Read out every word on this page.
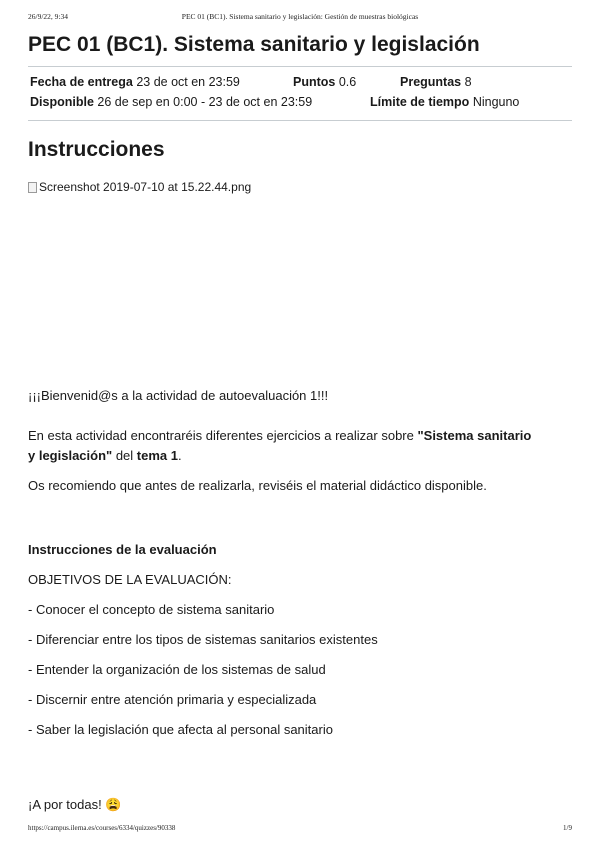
26/9/22, 9:34	PEC 01 (BC1). Sistema sanitario y legislación: Gestión de muestras biológicas
PEC 01 (BC1). Sistema sanitario y legislación
Fecha de entrega 23 de oct en 23:59	Puntos 0.6	Preguntas 8
Disponible 26 de sep en 0:00 - 23 de oct en 23:59	Límite de tiempo Ninguno
Instrucciones
Screenshot 2019-07-10 at 15.22.44.png

¡¡¡Bienvenid@s a la actividad de autoevaluación 1!!!

En esta actividad encontraréis diferentes ejercicios a realizar sobre "Sistema sanitario y legislación" del tema 1.

Os recomiendo que antes de realizarla, reviséis el material didáctico disponible.

Instrucciones de la evaluación

OBJETIVOS DE LA EVALUACIÓN:

- Conocer el concepto de sistema sanitario

- Diferenciar entre los tipos de sistemas sanitarios existentes

- Entender la organización de los sistemas de salud

- Discernir entre atención primaria y especializada

- Saber la legislación que afecta al personal sanitario

¡A por todas! 😩

https://campus.ilerna.es/courses/6334/quizzes/90338	1/9
